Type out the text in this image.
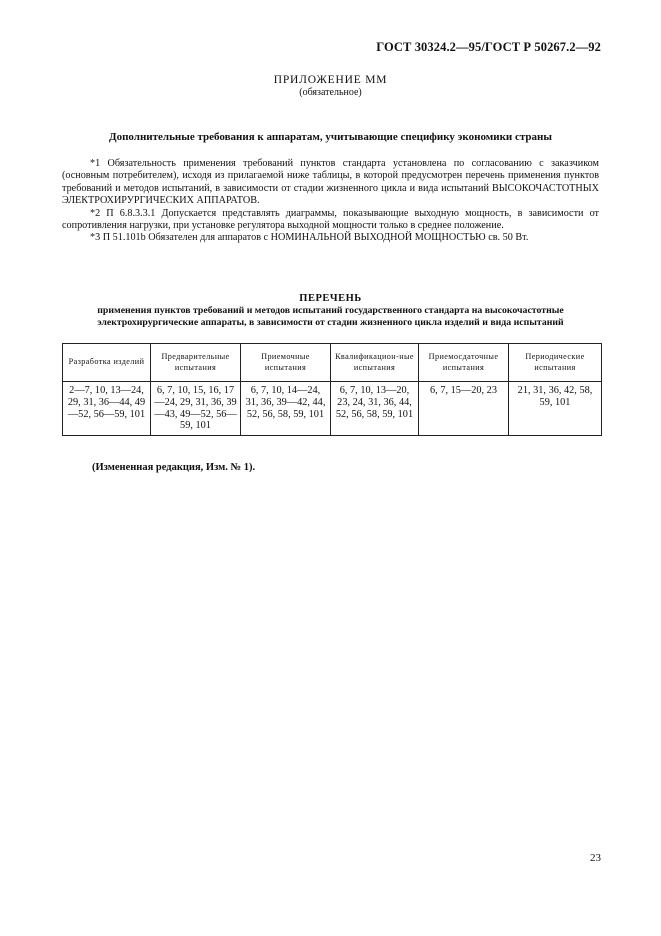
ГОСТ 30324.2—95/ГОСТ Р 50267.2—92
ПРИЛОЖЕНИЕ ММ
(обязательное)
Дополнительные требования к аппаратам, учитывающие специфику экономики страны

*1 Обязательность применения требований пунктов стандарта установлена по согласованию с заказчиком (основным потребителем), исходя из прилагаемой ниже таблицы, в которой предусмотрен перечень применения пунктов требований и методов испытаний, в зависимости от стадии жизненного цикла и вида испытаний ВЫСОКОЧАСТОТНЫХ ЭЛЕКТРОХИРУРГИЧЕСКИХ АППАРАТОВ.

*2 П 6.8.3.3.1 Допускается представлять диаграммы, показывающие выходную мощность, в зависимости от сопротивления нагрузки, при установке регулятора выходной мощности только в среднее положение.

*3 П 51.101b Обязателен для аппаратов с НОМИНАЛЬНОЙ ВЫХОДНОЙ МОЩНОСТЬЮ св. 50 Вт.

ПЕРЕЧЕНЬ
применения пунктов требований и методов испытаний государственного стандарта на высокочастотные электрохирургические аппараты, в зависимости от стадии жизненного цикла изделий и вида испытаний
Разработка изделий	Предварительные испытания	Приемочные испытания	Квалификацион-ные испытания	Приемосдаточные испытания	Периодические испытания
2—7, 10, 13—24, 29, 31, 36—44, 49—52, 56—59, 101	6, 7, 10, 15, 16, 17—24, 29, 31, 36, 39—43, 49—52, 56—59, 101	6, 7, 10, 14—24, 31, 36, 39—42, 44, 52, 56, 58, 59, 101	6, 7, 10, 13—20, 23, 24, 31, 36, 44, 52, 56, 58, 59, 101	6, 7, 15—20, 23	21, 31, 36, 42, 58, 59, 101
(Измененная редакция, Изм. № 1).
23
